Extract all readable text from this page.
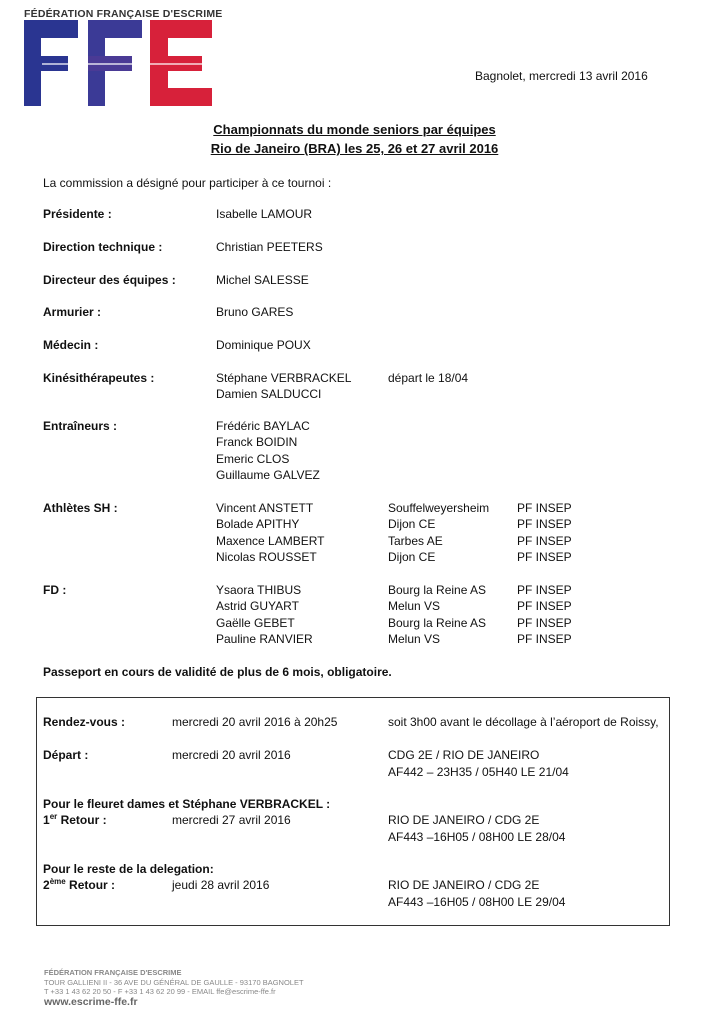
FÉDÉRATION FRANÇAISE D'ESCRIME
Bagnolet, mercredi 13 avril 2016
Championnats du monde seniors par équipes
Rio de Janeiro (BRA) les 25, 26 et 27 avril 2016
La commission a désigné pour participer à ce tournoi :
Présidente :	Isabelle LAMOUR
Direction technique :	Christian PEETERS
Directeur des équipes :	Michel SALESSE
Armurier :	Bruno GARES
Médecin :	Dominique POUX
Kinésithérapeutes :	Stéphane VERBRACKEL	départ le 18/04
Damien SALDUCCI
Entraîneurs :	Frédéric BAYLAC
Franck BOIDIN
Emeric CLOS
Guillaume GALVEZ
Athlètes SH :	Vincent ANSTETT	Souffelweyersheim PF INSEP
Bolade APITHY	Dijon CE	PF INSEP
Maxence LAMBERT	Tarbes AE	PF INSEP
Nicolas ROUSSET	Dijon CE	PF INSEP
FD :	Ysaora THIBUS	Bourg la Reine AS	PF INSEP
Astrid GUYART	Melun VS	PF INSEP
Gaëlle GEBET	Bourg la Reine AS	PF INSEP
Pauline RANVIER	Melun VS	PF INSEP
Passeport en cours de validité de plus de 6 mois, obligatoire.
Rendez-vous :	mercredi 20 avril 2016 à 20h25	soit 3h00 avant le décollage à l’aéroport de Roissy,
Départ :	mercredi 20 avril 2016	CDG 2E / RIO DE JANEIRO
AF442 – 23H35 / 05H40 LE 21/04
Pour le fleuret dames et Stéphane VERBRACKEL :
1er Retour :	mercredi 27 avril 2016	RIO DE JANEIRO / CDG 2E
AF443 –16H05 / 08H00 LE 28/04
Pour le reste de la delegation:
2ème Retour :	jeudi 28 avril 2016	RIO DE JANEIRO / CDG 2E
AF443 –16H05 / 08H00 LE 29/04
FÉDÉRATION FRANÇAISE D'ESCRIME
TOUR GALLIENI II - 36 AVE DU GÉNÉRAL DE GAULLE - 93170 BAGNOLET
T +33 1 43 62 20 50 - F +33 1 43 62 20 99 - EMAIL ffe@escrime-ffe.fr
www.escrime-ffe.fr
